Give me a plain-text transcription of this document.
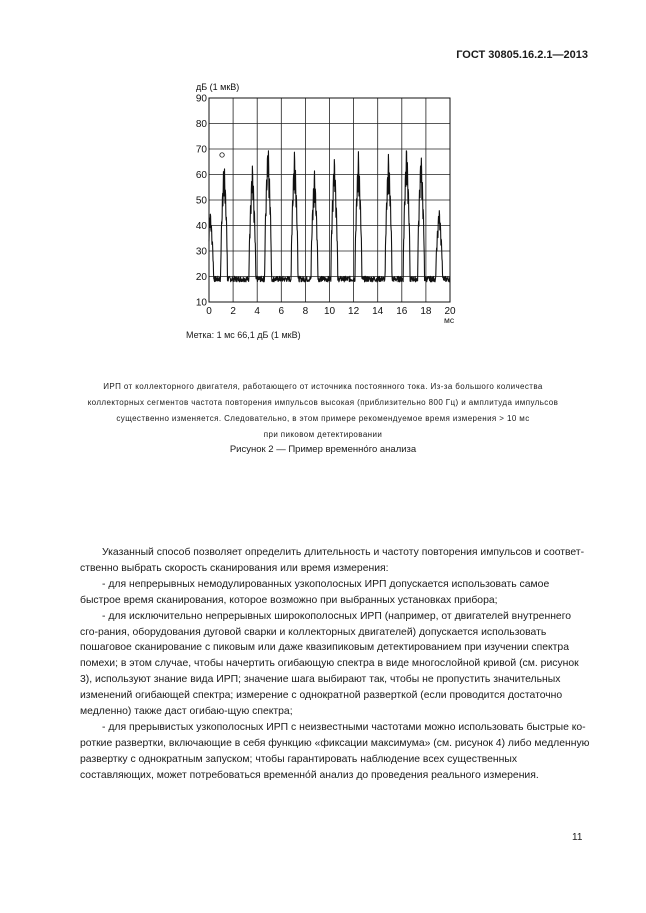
ГОСТ 30805.16.2.1—2013
0 2 4 6 8 10 12 14 16 18 20
10
20
30
40
50
60
70
80
90
дБ (1 мкВ)
мс
Метка: 1 мс 66,1 дБ (1 мкВ)
ИРП от коллекторного двигателя, работающего от источника постоянного тока. Из-за большого количества
коллекторных сегментов частота повторения импульсов высокая (приблизительно 800 Гц) и амплитуда импульсов
существенно изменяется. Следовательно, в этом примере рекомендуемое время измерения > 10 мс
при пиковом детектировании
Рисунок 2 — Пример временно́го анализа

Указанный способ позволяет определить длительность и частоту повторения импульсов и соответ-ственно выбрать скорость сканирования или время измерения:

- для непрерывных немодулированных узкополосных ИРП допускается использовать самое быстрое время сканирования, которое возможно при выбранных установках прибора;

- для исключительно непрерывных широкополосных ИРП (например, от двигателей внутреннего сго-рания, оборудования дуговой сварки и коллекторных двигателей) допускается использовать пошаговое сканирование с пиковым или даже квазипиковым детектированием при изучении спектра помехи; в этом случае, чтобы начертить огибающую спектра в виде многослойной кривой (см. рисунок 3), используют знание вида ИРП; значение шага выбирают так, чтобы не пропустить значительных изменений огибающей спектра; измерение с однократной разверткой (если проводится достаточно медленно) также даст огибаю-щую спектра;

- для прерывистых узкополосных ИРП с неизвестными частотами можно использовать быстрые ко-роткие развертки, включающие в себя функцию «фиксации максимума» (см. рисунок 4) либо медленную развертку с однократным запуском; чтобы гарантировать наблюдение всех существенных составляющих, может потребоваться временно́й анализ до проведения реального измерения.

11
